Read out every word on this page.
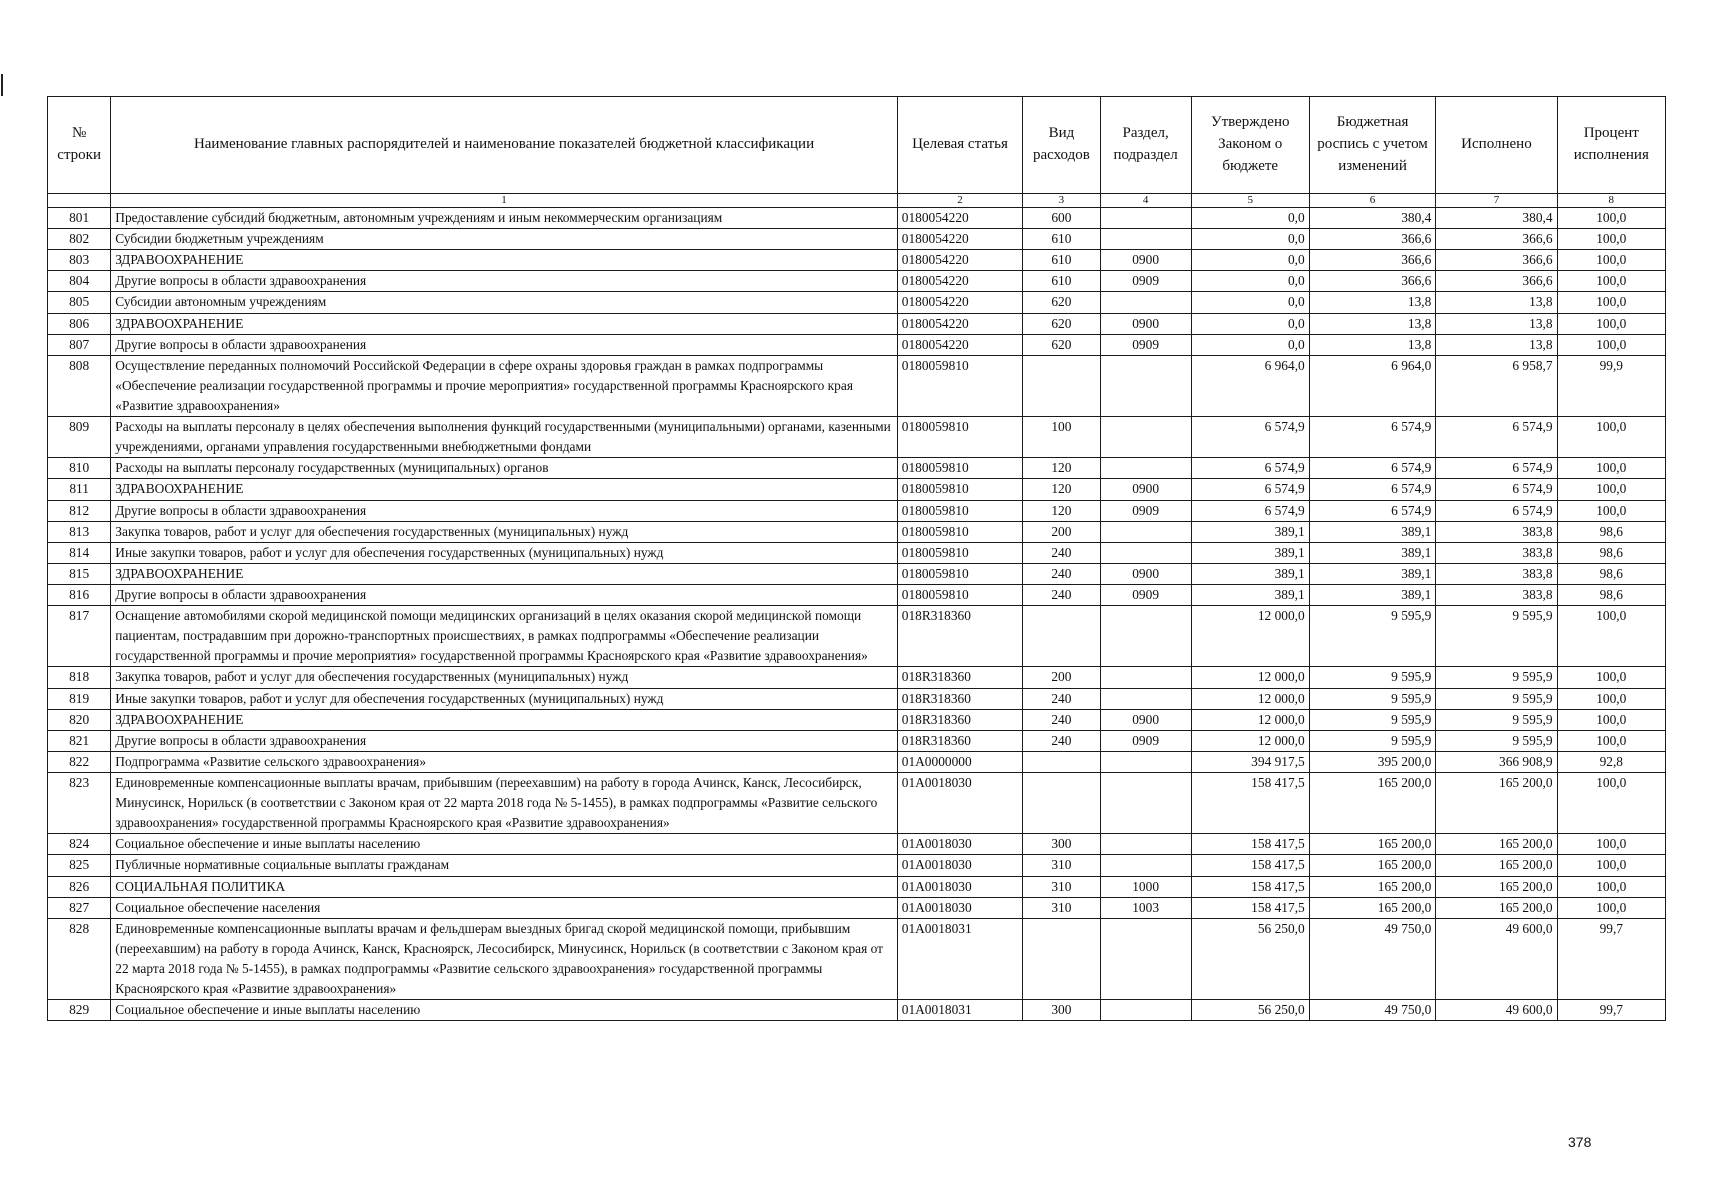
№ строки	Наименование главных распорядителей и наименование показателей бюджетной классификации	Целевая статья	Вид расходов	Раздел, подраздел	Утверждено Законом о бюджете	Бюджетная роспись с учетом изменений	Исполнено	Процент исполнения
	1	2	3	4	5	6	7	8
801	Предоставление субсидий бюджетным, автономным учреждениям и иным некоммерческим организациям	0180054220	600		0,0	380,4	380,4	100,0
802	Субсидии бюджетным учреждениям	0180054220	610		0,0	366,6	366,6	100,0
803	ЗДРАВООХРАНЕНИЕ	0180054220	610	0900	0,0	366,6	366,6	100,0
804	Другие вопросы в области здравоохранения	0180054220	610	0909	0,0	366,6	366,6	100,0
805	Субсидии автономным учреждениям	0180054220	620		0,0	13,8	13,8	100,0
806	ЗДРАВООХРАНЕНИЕ	0180054220	620	0900	0,0	13,8	13,8	100,0
807	Другие вопросы в области здравоохранения	0180054220	620	0909	0,0	13,8	13,8	100,0
808	Осуществление переданных полномочий Российской Федерации в сфере охраны здоровья граждан в рамках подпрограммы «Обеспечение реализации государственной программы и прочие мероприятия» государственной программы Красноярского края «Развитие здравоохранения»	0180059810			6 964,0	6 964,0	6 958,7	99,9
809	Расходы на выплаты персоналу в целях обеспечения выполнения функций государственными (муниципальными) органами, казенными учреждениями, органами управления государственными внебюджетными фондами	0180059810	100		6 574,9	6 574,9	6 574,9	100,0
810	Расходы на выплаты персоналу государственных (муниципальных) органов	0180059810	120		6 574,9	6 574,9	6 574,9	100,0
811	ЗДРАВООХРАНЕНИЕ	0180059810	120	0900	6 574,9	6 574,9	6 574,9	100,0
812	Другие вопросы в области здравоохранения	0180059810	120	0909	6 574,9	6 574,9	6 574,9	100,0
813	Закупка товаров, работ и услуг для обеспечения государственных (муниципальных) нужд	0180059810	200		389,1	389,1	383,8	98,6
814	Иные закупки товаров, работ и услуг для обеспечения государственных (муниципальных) нужд	0180059810	240		389,1	389,1	383,8	98,6
815	ЗДРАВООХРАНЕНИЕ	0180059810	240	0900	389,1	389,1	383,8	98,6
816	Другие вопросы в области здравоохранения	0180059810	240	0909	389,1	389,1	383,8	98,6
817	Оснащение автомобилями скорой медицинской помощи медицинских организаций в целях оказания скорой медицинской помощи пациентам, пострадавшим при дорожно-транспортных происшествиях, в рамках подпрограммы «Обеспечение реализации государственной программы и прочие мероприятия» государственной программы Красноярского края «Развитие здравоохранения»	018R318360			12 000,0	9 595,9	9 595,9	100,0
818	Закупка товаров, работ и услуг для обеспечения государственных (муниципальных) нужд	018R318360	200		12 000,0	9 595,9	9 595,9	100,0
819	Иные закупки товаров, работ и услуг для обеспечения государственных (муниципальных) нужд	018R318360	240		12 000,0	9 595,9	9 595,9	100,0
820	ЗДРАВООХРАНЕНИЕ	018R318360	240	0900	12 000,0	9 595,9	9 595,9	100,0
821	Другие вопросы в области здравоохранения	018R318360	240	0909	12 000,0	9 595,9	9 595,9	100,0
822	Подпрограмма «Развитие сельского здравоохранения»	01А0000000			394 917,5	395 200,0	366 908,9	92,8
823	Единовременные компенсационные выплаты врачам, прибывшим (переехавшим) на работу в города Ачинск, Канск, Лесосибирск, Минусинск, Норильск (в соответствии с Законом края от 22 марта 2018 года № 5-1455), в рамках подпрограммы «Развитие сельского здравоохранения» государственной программы Красноярского края «Развитие здравоохранения»	01А0018030			158 417,5	165 200,0	165 200,0	100,0
824	Социальное обеспечение и иные выплаты населению	01А0018030	300		158 417,5	165 200,0	165 200,0	100,0
825	Публичные нормативные социальные выплаты гражданам	01А0018030	310		158 417,5	165 200,0	165 200,0	100,0
826	СОЦИАЛЬНАЯ ПОЛИТИКА	01А0018030	310	1000	158 417,5	165 200,0	165 200,0	100,0
827	Социальное обеспечение населения	01А0018030	310	1003	158 417,5	165 200,0	165 200,0	100,0
828	Единовременные компенсационные выплаты врачам и фельдшерам выездных бригад скорой медицинской помощи, прибывшим (переехавшим) на работу в города Ачинск, Канск, Красноярск, Лесосибирск, Минусинск, Норильск (в соответствии с Законом края от 22 марта 2018 года № 5-1455), в рамках подпрограммы «Развитие сельского здравоохранения» государственной программы Красноярского края «Развитие здравоохранения»	01А0018031			56 250,0	49 750,0	49 600,0	99,7
829	Социальное обеспечение и иные выплаты населению	01А0018031	300		56 250,0	49 750,0	49 600,0	99,7
378
